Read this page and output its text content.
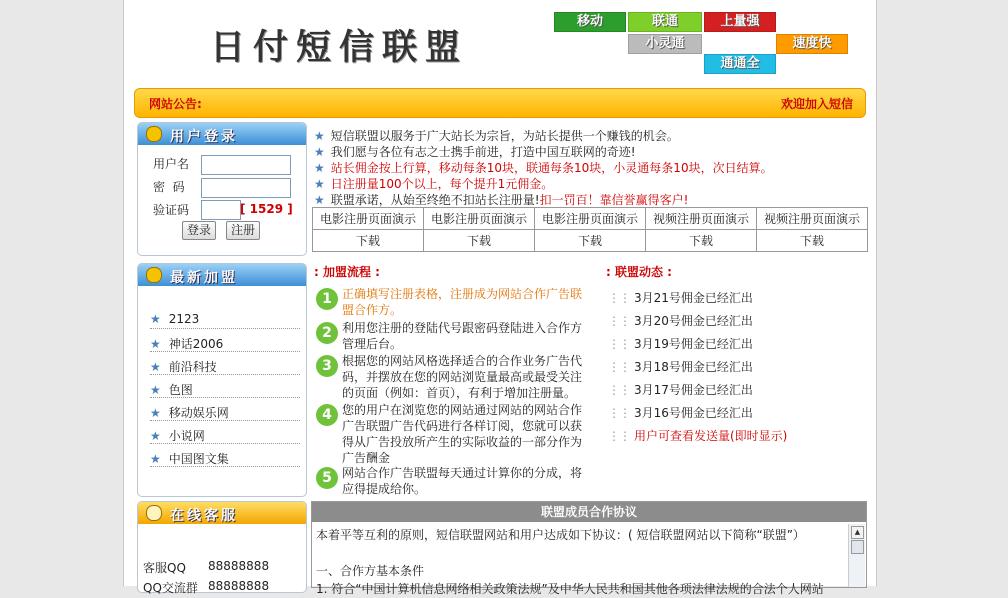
日付短信联盟
移动	联通	上量强
小灵通	速度快
通通全
网站公告:	欢迎加入短信
用户登录
用户名
密  码
验证码	[ 1529 ]
登录	注册
最新加盟
★ 2123
★ 神话2006
★ 前沿科技
★ 色图
★ 移动娱乐网
★ 小说网
★ 中国图文集
在线客服
客服QQ 88888888
QQ交流群 88888888
★ 短信联盟以服务于广大站长为宗旨，为站长提供一个赚钱的机会。
★ 我们愿与各位有志之士携手前进，打造中国互联网的奇迹!
★ 站长佣金按上行算，移动每条10块，联通每条10块，小灵通每条10块，次日结算。
★ 日注册量100个以上，每个提升1元佣金。
★ 联盟承诺，从始至终绝不扣站长注册量!扣一罚百！靠信誉赢得客户!
电影注册页面演示	电影注册页面演示	电影注册页面演示	视频注册页面演示	视频注册页面演示
下载	下载	下载	下载	下载
: 加盟流程 :
1 正确填写注册表格，注册成为网站合作广告联盟合作方。
2 利用您注册的登陆代号跟密码登陆进入合作方管理后台。
3 根据您的网站风格选择适合的合作业务广告代码，并摆放在您的网站浏览量最高或最受关注的页面（例如：首页），有利于增加注册量。
4 您的用户在浏览您的网站通过网站的网站合作广告联盟广告代码进行各样订阅，您就可以获得从广告投放所产生的实际收益的一部分作为广告酬金
5 网站合作广告联盟每天通过计算你的分成，将应得提成给你。
: 联盟动态 :
⋮⋮ 3月21号佣金已经汇出
⋮⋮ 3月20号佣金已经汇出
⋮⋮ 3月19号佣金已经汇出
⋮⋮ 3月18号佣金已经汇出
⋮⋮ 3月17号佣金已经汇出
⋮⋮ 3月16号佣金已经汇出
⋮⋮ 用户可查看发送量(即时显示)
联盟成员合作协议
本着平等互利的原则，短信联盟网站和用户达成如下协议：( 短信联盟网站以下简称“联盟”）
一、合作方基本条件
1. 符合“中国计算机信息网络相关政策法规”及中华人民共和国其他各项法律法规的合法个人网站
▲
